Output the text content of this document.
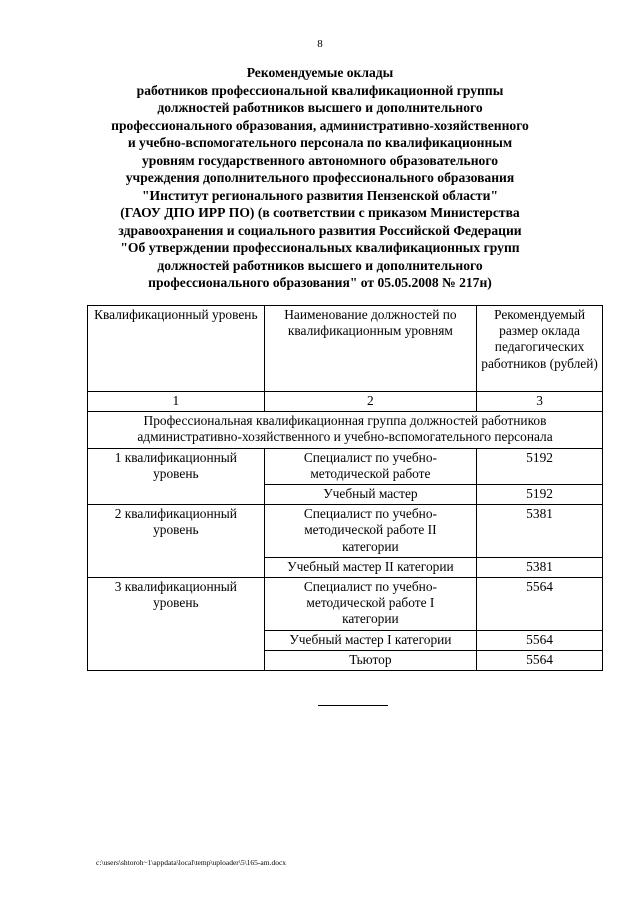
8
Рекомендуемые оклады
работников профессиональной квалификационной группы
должностей работников высшего и дополнительного
профессионального образования, административно-хозяйственного
и учебно-вспомогательного персонала по квалификационным
уровням государственного автономного образовательного
учреждения дополнительного профессионального образования
"Институт регионального развития Пензенской области"
(ГАОУ ДПО ИРР ПО) (в соответствии с приказом Министерства
здравоохранения и социального развития Российской Федерации
"Об утверждении профессиональных квалификационных групп
должностей работников высшего и дополнительного
профессионального образования" от 05.05.2008 № 217н)
Квалификационный уровень	Наименование должностей по квалификационным уровням	Рекомендуемый размер оклада педагогических работников (рублей)
1	2	3
Профессиональная квалификационная группа должностей работников административно-хозяйственного и учебно-вспомогательного персонала		
1 квалификационный уровень	Специалист по учебно-методической работе	5192
	Учебный мастер	5192
2 квалификационный уровень	Специалист по учебно-методической работе II категории	5381
	Учебный мастер II категории	5381
3 квалификационный уровень	Специалист по учебно-методической работе I категории	5564
	Учебный мастер I категории	5564
	Тьютор	5564
c:\users\shtoroh~1\appdata\local\temp\uploader\5\165-am.docx
